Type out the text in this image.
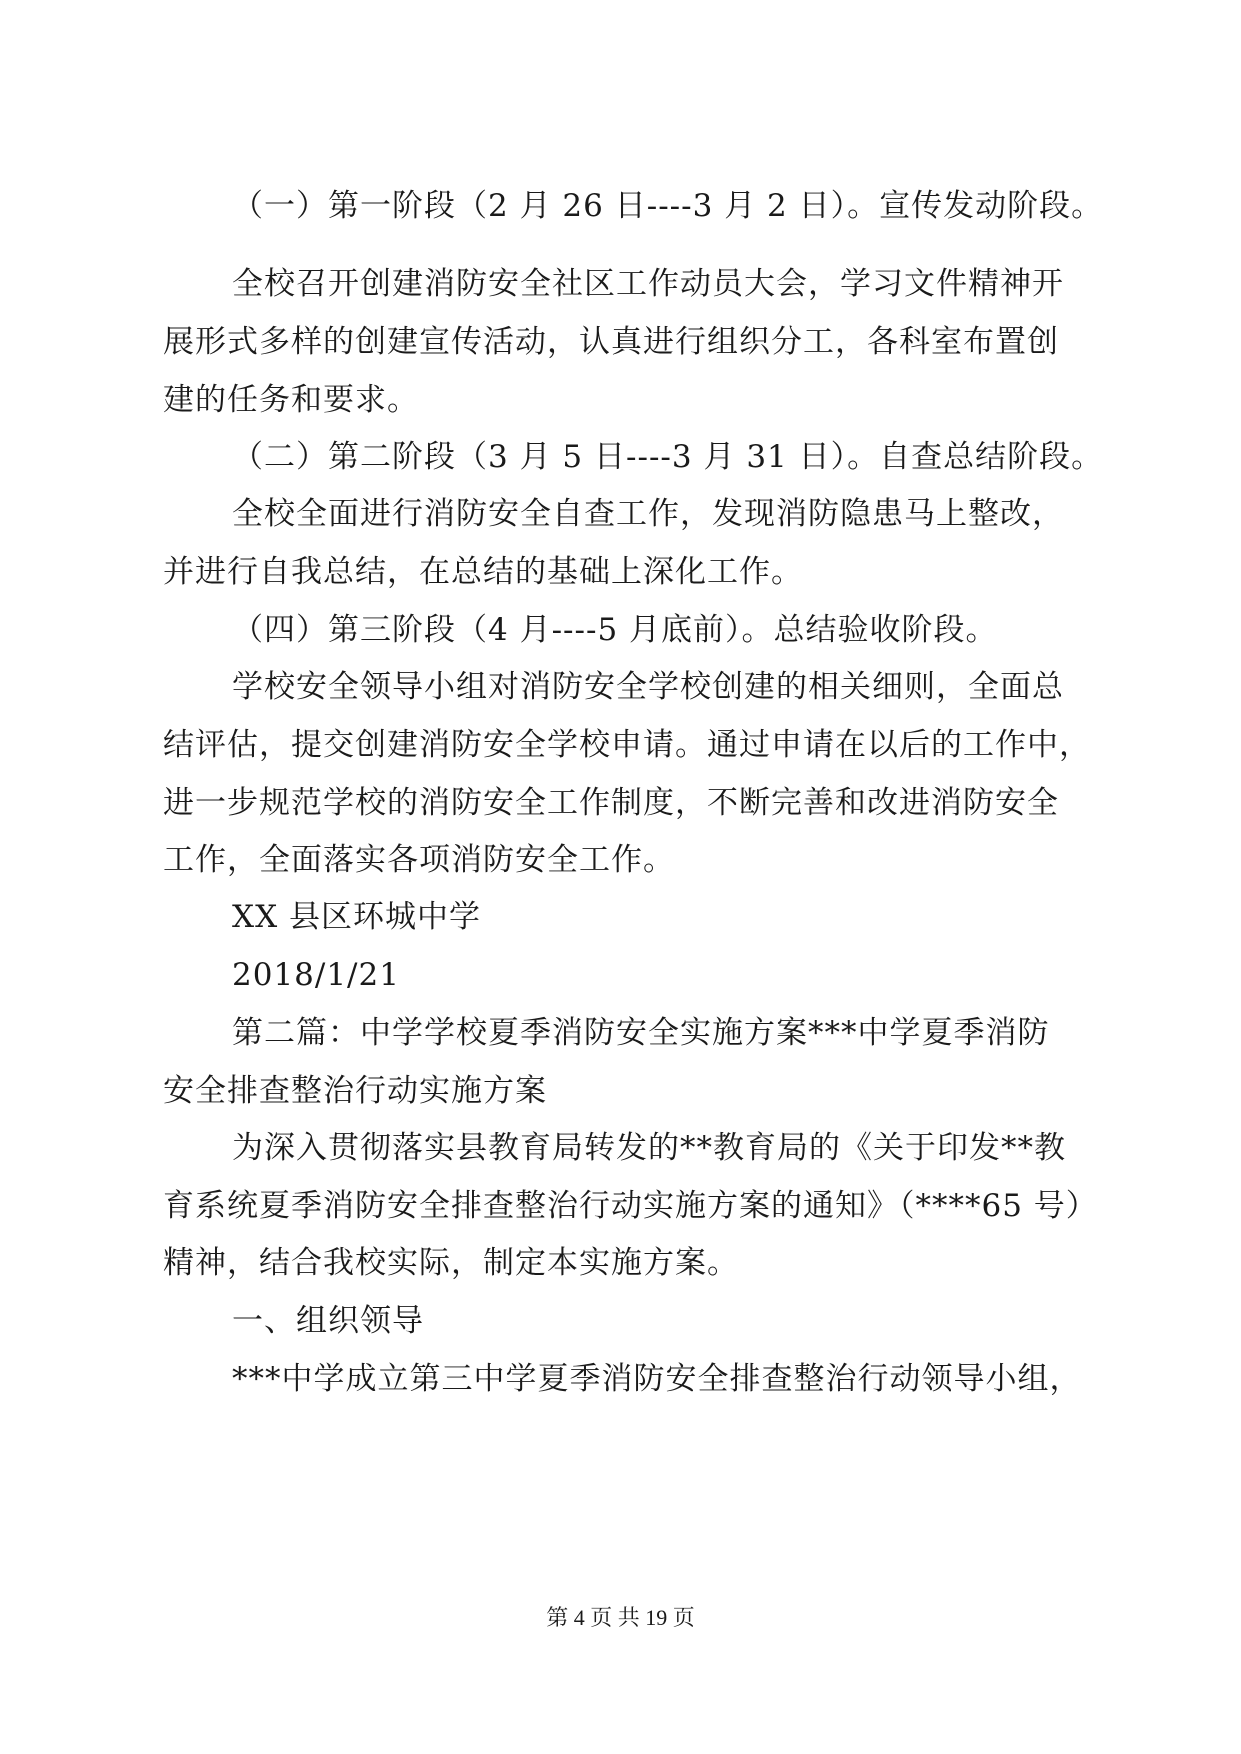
（一）第一阶段（2 月 26 日----3 月 2 日）。宣传发动阶段。
全校召开创建消防安全社区工作动员大会，学习文件精神开
展形式多样的创建宣传活动，认真进行组织分工，各科室布置创
建的任务和要求。
（二）第二阶段（3 月 5 日----3 月 31 日）。自查总结阶段。
全校全面进行消防安全自查工作，发现消防隐患马上整改，
并进行自我总结，在总结的基础上深化工作。
（四）第三阶段（4 月----5 月底前）。总结验收阶段。
学校安全领导小组对消防安全学校创建的相关细则，全面总
结评估，提交创建消防安全学校申请。通过申请在以后的工作中，
进一步规范学校的消防安全工作制度，不断完善和改进消防安全
工作，全面落实各项消防安全工作。
XX 县区环城中学
2018/1/21
第二篇：中学学校夏季消防安全实施方案***中学夏季消防
安全排查整治行动实施方案
为深入贯彻落实县教育局转发的**教育局的《关于印发**教
育系统夏季消防安全排查整治行动实施方案的通知》（****65 号）
精神，结合我校实际，制定本实施方案。
一、组织领导
***中学成立第三中学夏季消防安全排查整治行动领导小组，
第 4 页 共 19 页
